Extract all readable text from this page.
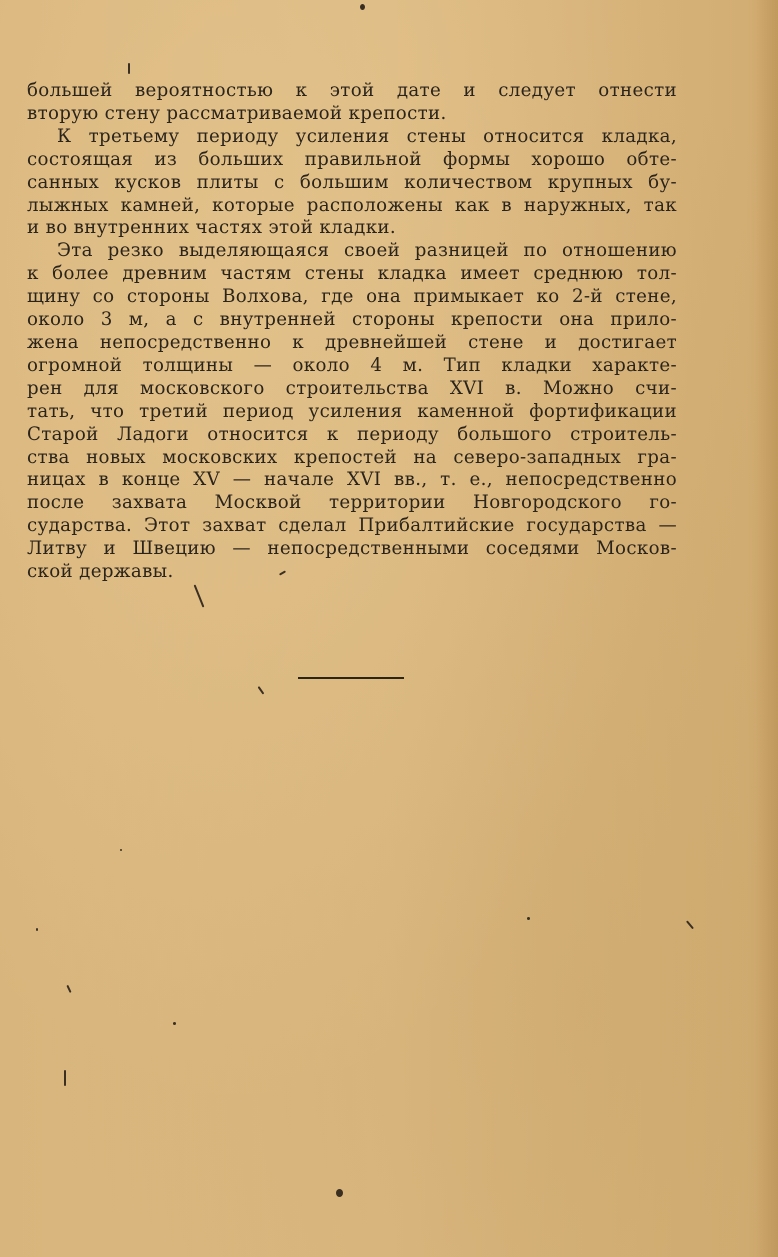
большей вероятностью к этой дате и следует отнести
вторую стену рассматриваемой крепости.

К третьему периоду усиления стены относится кладка,
состоящая из больших правильной формы хорошо обте-
санных кусков плиты с большим количеством крупных бу-
лыжных камней, которые расположены как в наружных, так
и во внутренних частях этой кладки.

Эта резко выделяющаяся своей разницей по отношению
к более древним частям стены кладка имеет среднюю тол-
щину со стороны Волхова, где она примыкает ко 2-й стене,
около 3 м, а с внутренней стороны крепости она прило-
жена непосредственно к древнейшей стене и достигает
огромной толщины — около 4 м. Тип кладки характе-
рен для московского строительства XVI в. Можно счи-
тать, что третий период усиления каменной фортификации
Старой Ладоги относится к периоду большого строитель-
ства новых московских крепостей на северо-западных гра-
ницах в конце XV — начале XVI вв., т. е., непосредственно
после захвата Москвой территории Новгородского го-
сударства. Этот захват сделал Прибалтийские государства —
Литву и Швецию — непосредственными соседями Москов-
ской державы.
